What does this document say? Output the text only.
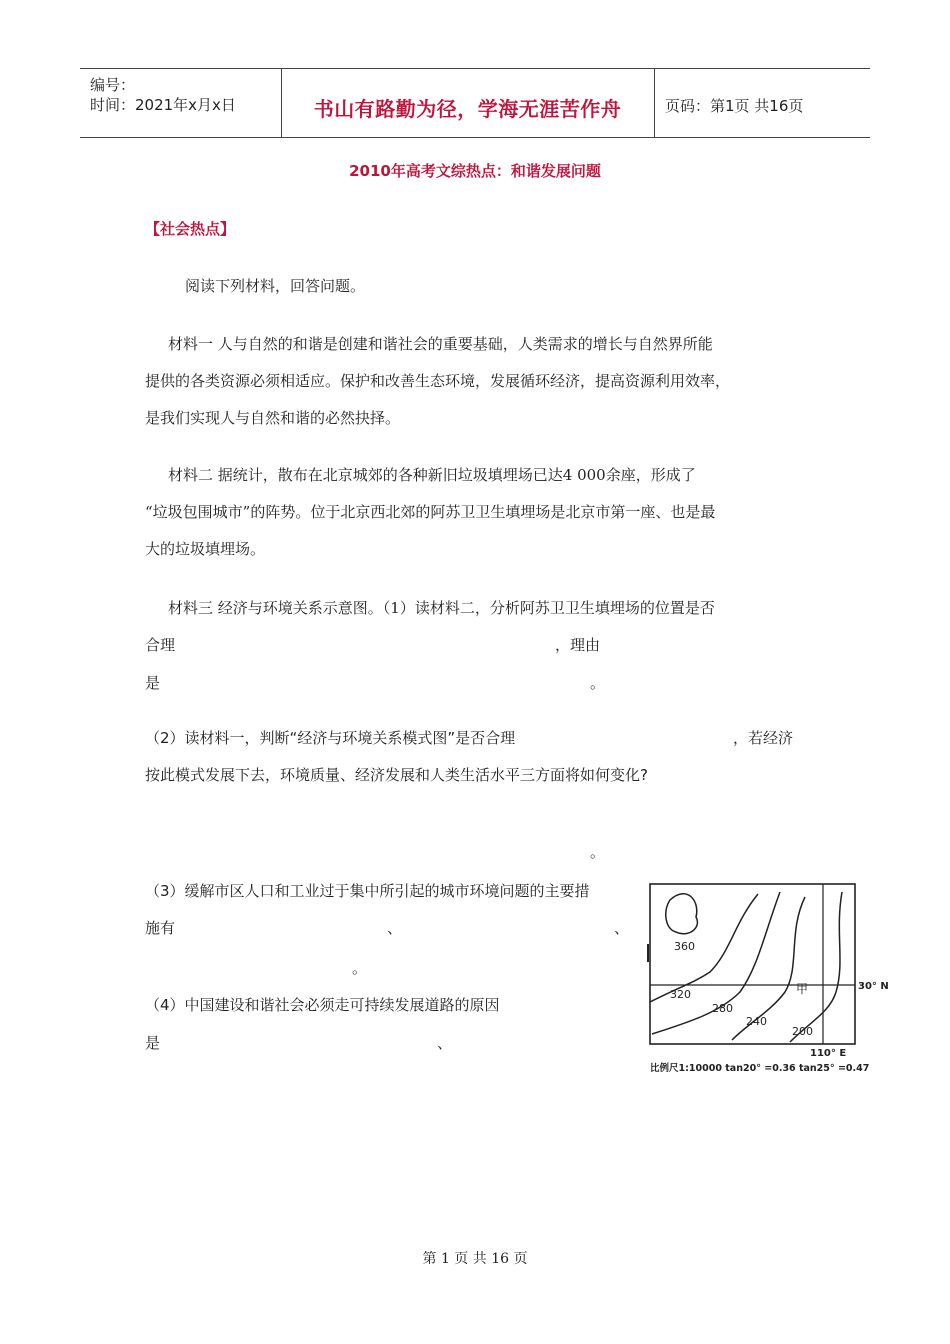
编号：
时间：2021年x月x日	书山有路勤为径，学海无涯苦作舟	页码：第1页 共16页
2010年高考文综热点：和谐发展问题
【社会热点】
阅读下列材料，回答问题。
材料一 人与自然的和谐是创建和谐社会的重要基础，人类需求的增长与自然界所能
提供的各类资源必须相适应。保护和改善生态环境，发展循环经济，提高资源利用效率，
是我们实现人与自然和谐的必然抉择。
材料二 据统计，散布在北京城郊的各种新旧垃圾填埋场已达4 000余座，形成了
“垃圾包围城市”的阵势。位于北京西北郊的阿苏卫卫生填埋场是北京市第一座、也是最
大的垃圾填埋场。
材料三 经济与环境关系示意图。（1）读材料二，分析阿苏卫卫生填埋场的位置是否
合理	，理由
是	。
（2）读材料一，判断“经济与环境关系模式图”是否合理	，若经济
按此模式发展下去，环境质量、经济发展和人类生活水平三方面将如何变化?
。
（3）缓解市区人口和工业过于集中所引起的城市环境问题的主要措
施有	、	、
。
（4）中国建设和谐社会必须走可持续发展道路的原因
是	、
360
320
280
240
200
甲	30° N
110° E
比例尺1:10000 tan20° =0.36 tan25° =0.47
第 1 页 共 16 页
